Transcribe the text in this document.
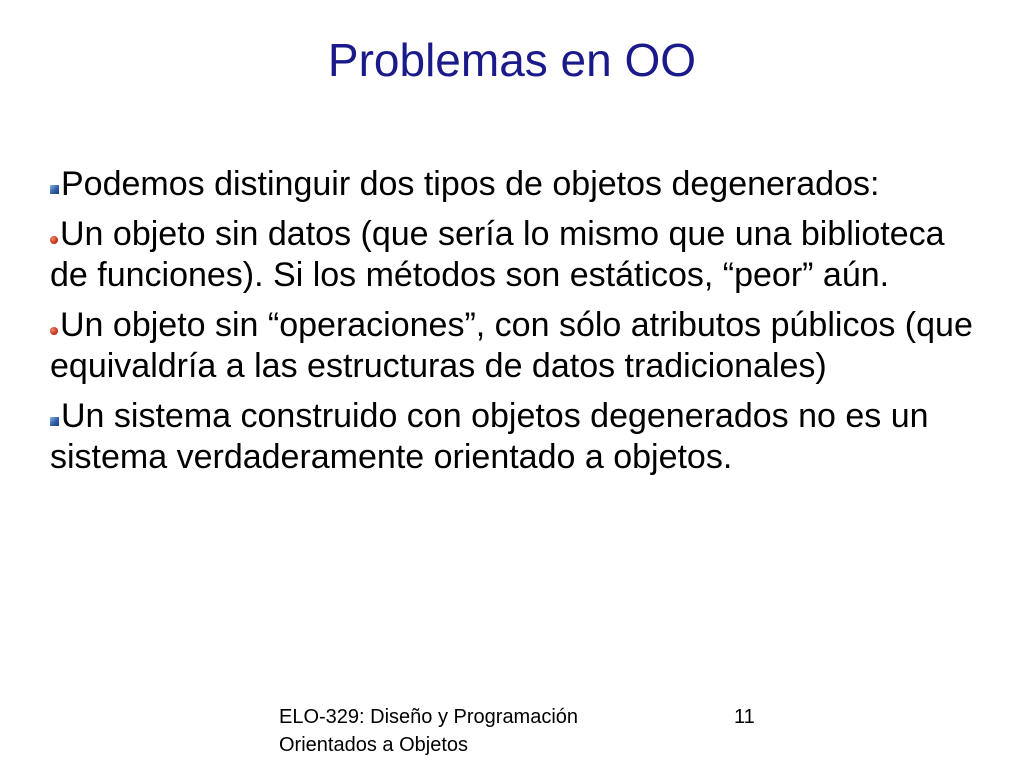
Problemas en OO

Podemos distinguir dos tipos de objetos degenerados:

Un objeto sin datos (que sería lo mismo que una biblioteca de funciones). Si los métodos son estáticos, “peor” aún.

Un objeto sin “operaciones”, con sólo atributos públicos (que equivaldría a las estructuras de datos tradicionales)

Un sistema construido con objetos degenerados no es un sistema verdaderamente orientado a objetos.

ELO-329: Diseño y Programación
Orientados a Objetos
11
